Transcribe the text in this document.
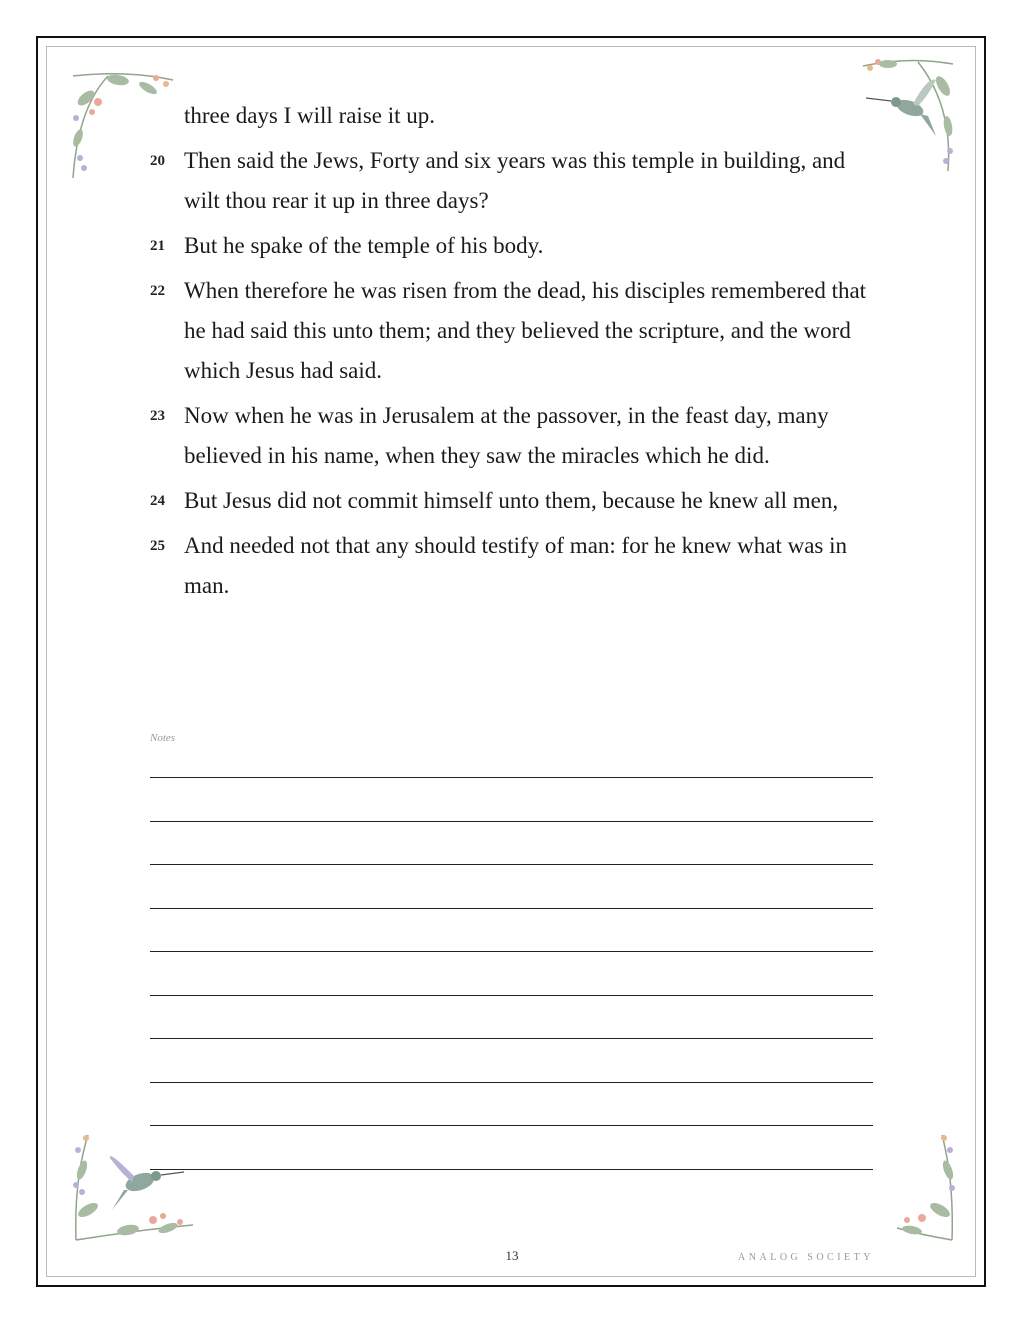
three days I will raise it up.
20 Then said the Jews, Forty and six years was this temple in building, and wilt thou rear it up in three days?
21 But he spake of the temple of his body.
22 When therefore he was risen from the dead, his disciples remembered that he had said this unto them; and they believed the scripture, and the word which Jesus had said.
23 Now when he was in Jerusalem at the passover, in the feast day, many believed in his name, when they saw the miracles which he did.
24 But Jesus did not commit himself unto them, because he knew all men,
25 And needed not that any should testify of man: for he knew what was in man.
Notes
13	ANALOG SOCIETY
